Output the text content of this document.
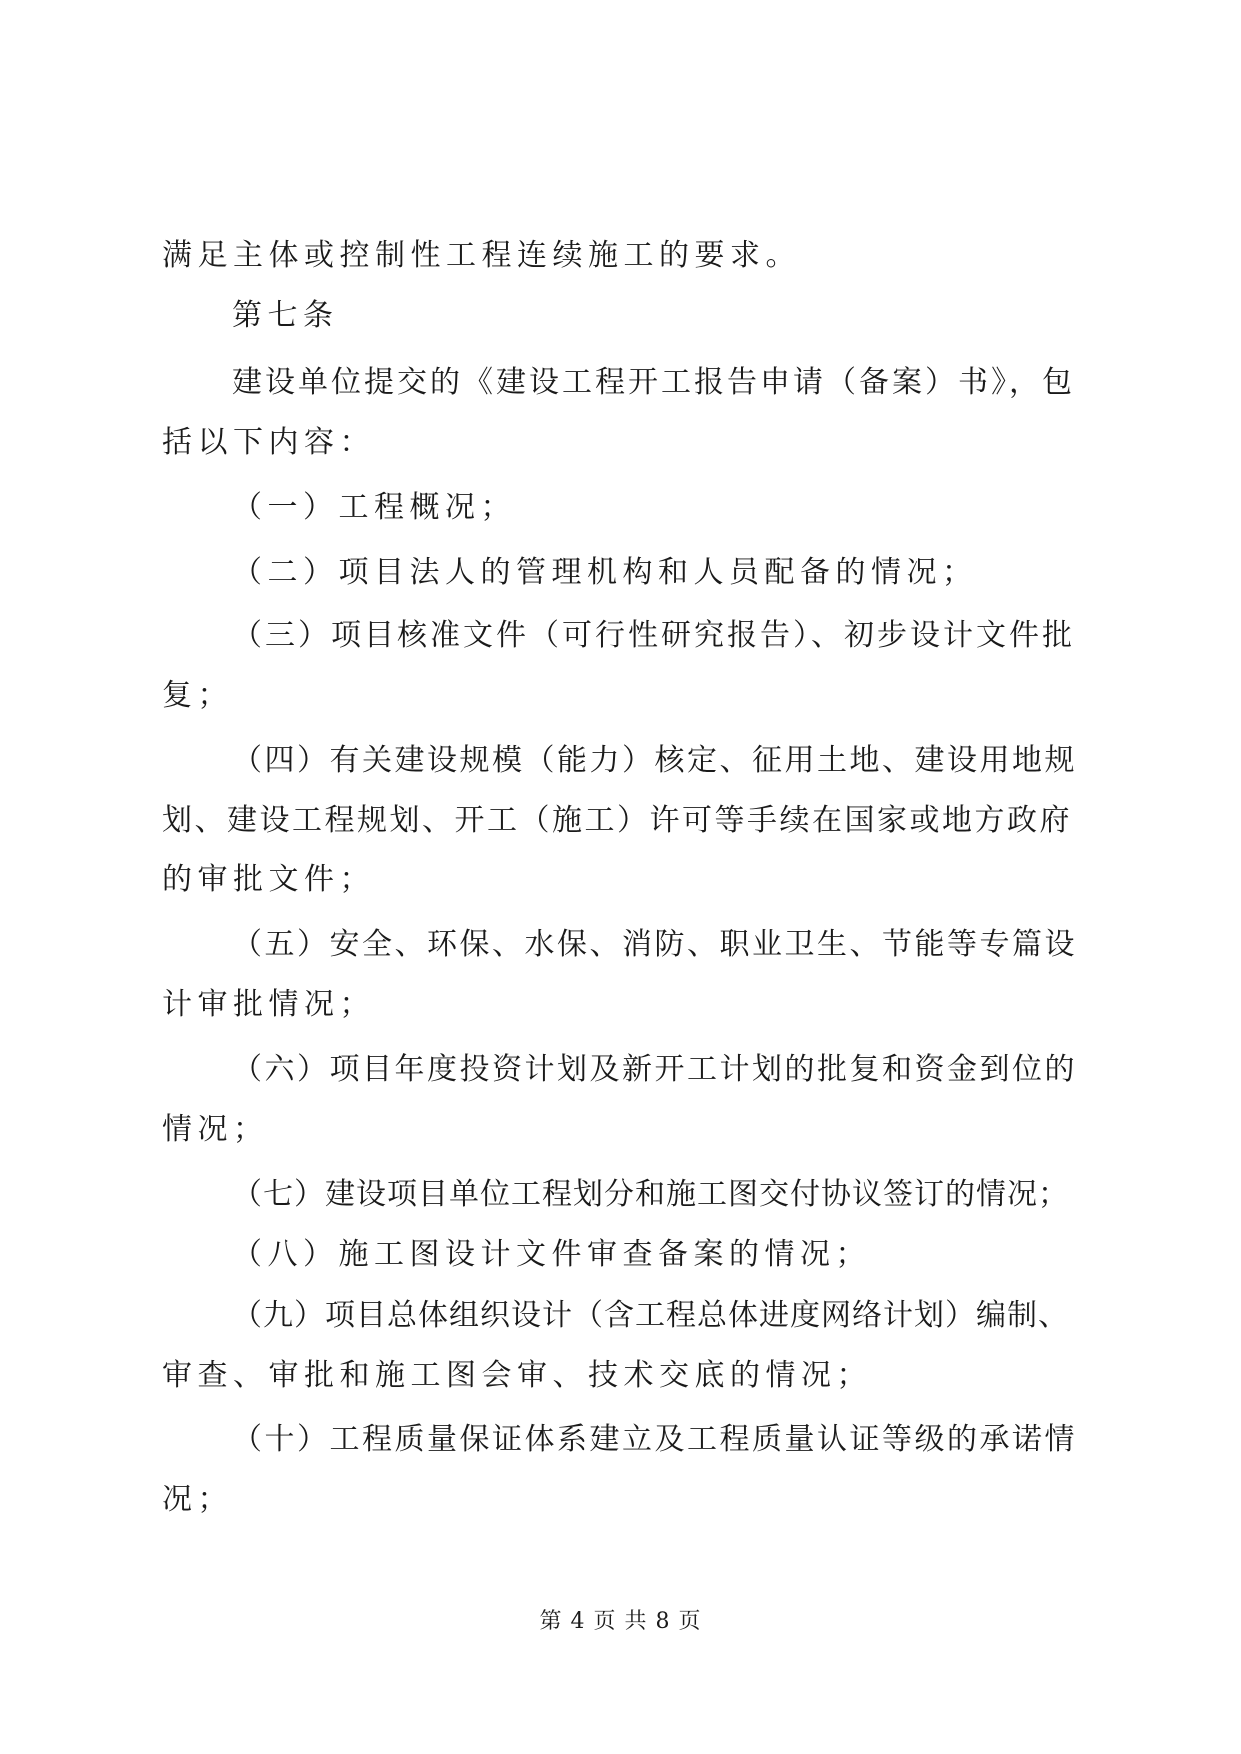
满足主体或控制性工程连续施工的要求。
第七条
建设单位提交的《建设工程开工报告申请（备案）书》，包
括以下内容：
（一）工程概况；
（二）项目法人的管理机构和人员配备的情况；
（三）项目核准文件（可行性研究报告）、初步设计文件批
复；
（四）有关建设规模（能力）核定、征用土地、建设用地规
划、建设工程规划、开工（施工）许可等手续在国家或地方政府
的审批文件；
（五）安全、环保、水保、消防、职业卫生、节能等专篇设
计审批情况；
（六）项目年度投资计划及新开工计划的批复和资金到位的
情况；
（七）建设项目单位工程划分和施工图交付协议签订的情况；
（八）施工图设计文件审查备案的情况；
（九）项目总体组织设计（含工程总体进度网络计划）编制、
审查、审批和施工图会审、技术交底的情况；
（十）工程质量保证体系建立及工程质量认证等级的承诺情
况；
第 4 页 共 8 页
